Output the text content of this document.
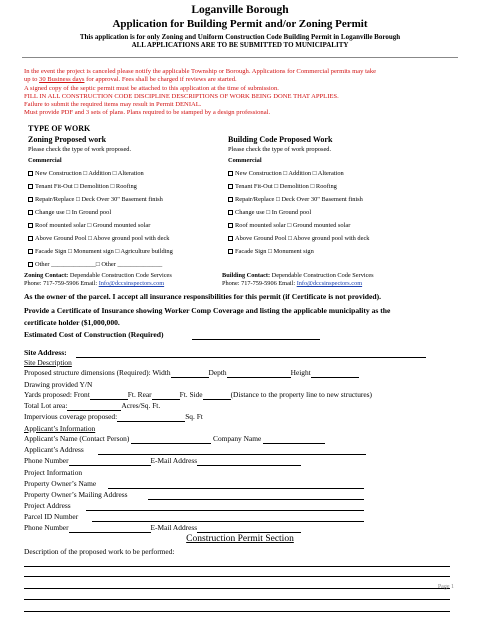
Loganville Borough
Application for Building Permit and/or Zoning Permit
This application is for only Zoning and Uniform Construction Code Building Permit in Loganville Borough
ALL APPLICATIONS ARE TO BE SUBMITTED TO MUNICIPALITY
In the event the project is canceled please notify the applicable Township or Borough. Applications for Commercial permits may take
up to 30 Business days for approval. Fees shall be charged if reviews are started.
A signed copy of the septic permit must be attached to this application at the time of submission.
FILL IN ALL CONSTRUCTION CODE DISCIPLINE DESCRIPTIONS OF WORK BEING DONE THAT APPLIES.
Failure to submit the required items may result in Permit DENIAL.
Must provide PDF and 3 sets of plans. Plans required to be stamped by a design professional.
TYPE OF WORK
Zoning Proposed work
Please check the type of work proposed.
Commercial
New Construction □ Addition □ Alteration
Tenant Fit-Out □ Demolition □ Roofing
Repair/Replace □ Deck Over 30" Basement finish
Change use □ In Ground pool
Roof mounted solar □ Ground mounted solar
Above Ground Pool □ Above ground pool with deck
Facade Sign □ Monument sign □ Agriculture building
Other ______________□ Other ______________
Zoning Contact: Dependable Construction Code Services
Phone: 717-759-5906 Email: Info@dccsinspectors.com
Building Code Proposed Work
Please check the type of work proposed.
Commercial
New Construction □ Addition □ Alteration
Tenant Fit-Out □ Demolition □ Roofing
Repair/Replace □ Deck Over 30" Basement finish
Change use □ In Ground pool
Roof mounted solar □ Ground mounted solar
Above Ground Pool □ Above ground pool with deck
Facade Sign □ Monument sign
Building Contact: Dependable Construction Code Services
Phone: 717-759-5906 Email: Info@dccsinspectors.com
As the owner of the parcel. I accept all insurance responsibilities for this permit (if Certificate is not provided).
Provide a Certificate of Insurance showing Worker Comp Coverage and listing the applicable municipality as the
certificate holder ($1,000,000.
Estimated Cost of Construction (Required)
Site Address:
Site Description
Proposed structure dimensions (Required): Width	Depth	Height
Drawing provided Y/N
Yards proposed: Front	Ft. Rear	Ft. Side	(Distance to the property line to new structures)
Total Lot area:	Acres/Sq. Ft.
Impervious coverage proposed:	Sq. Ft
Applicant’s Information
Applicant’s Name (Contact Person)	Company Name
Applicant’s Address
Phone Number	E-Mail Address
Project Information
Property Owner’s Name
Property Owner’s Mailing Address
Project Address
Parcel ID Number
Phone Number	E-Mail Address
Construction Permit Section
Description of the proposed work to be performed:
Page 1
